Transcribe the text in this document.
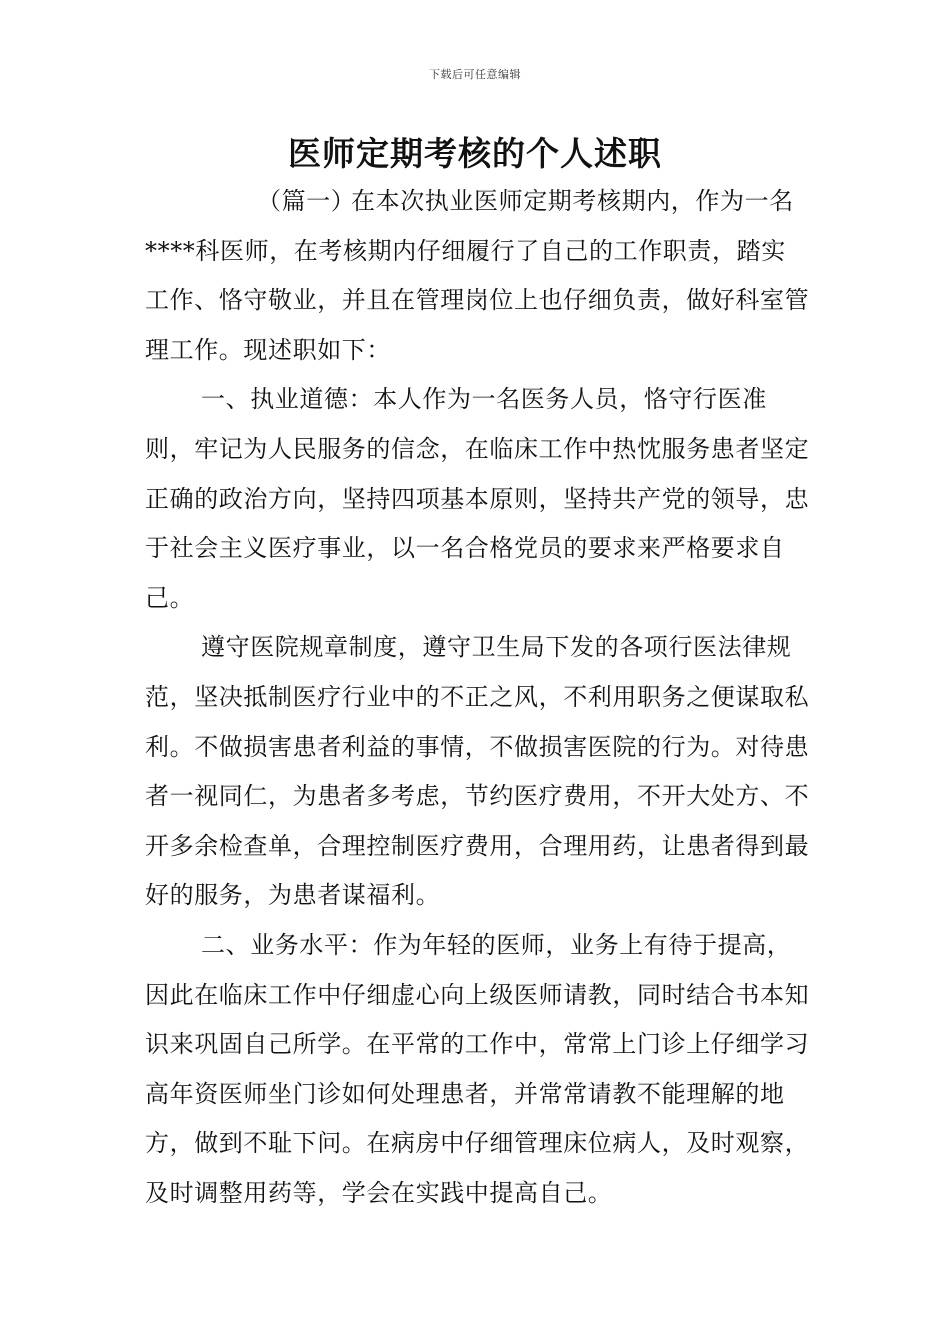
下载后可任意编辑
医师定期考核的个人述职

（篇一）在本次执业医师定期考核期内，作为一名****科医师，在考核期内仔细履行了自己的工作职责，踏实工作、恪守敬业，并且在管理岗位上也仔细负责，做好科室管理工作。现述职如下：

一、执业道德：本人作为一名医务人员，恪守行医准则，牢记为人民服务的信念，在临床工作中热忱服务患者坚定正确的政治方向，坚持四项基本原则，坚持共产党的领导，忠于社会主义医疗事业，以一名合格党员的要求来严格要求自己。

遵守医院规章制度，遵守卫生局下发的各项行医法律规范，坚决抵制医疗行业中的不正之风，不利用职务之便谋取私利。不做损害患者利益的事情，不做损害医院的行为。对待患者一视同仁，为患者多考虑，节约医疗费用，不开大处方、不开多余检查单，合理控制医疗费用，合理用药，让患者得到最好的服务，为患者谋福利。

二、业务水平：作为年轻的医师，业务上有待于提高，因此在临床工作中仔细虚心向上级医师请教，同时结合书本知识来巩固自己所学。在平常的工作中，常常上门诊上仔细学习高年资医师坐门诊如何处理患者，并常常请教不能理解的地方，做到不耻下问。在病房中仔细管理床位病人，及时观察，及时调整用药等，学会在实践中提高自己。
